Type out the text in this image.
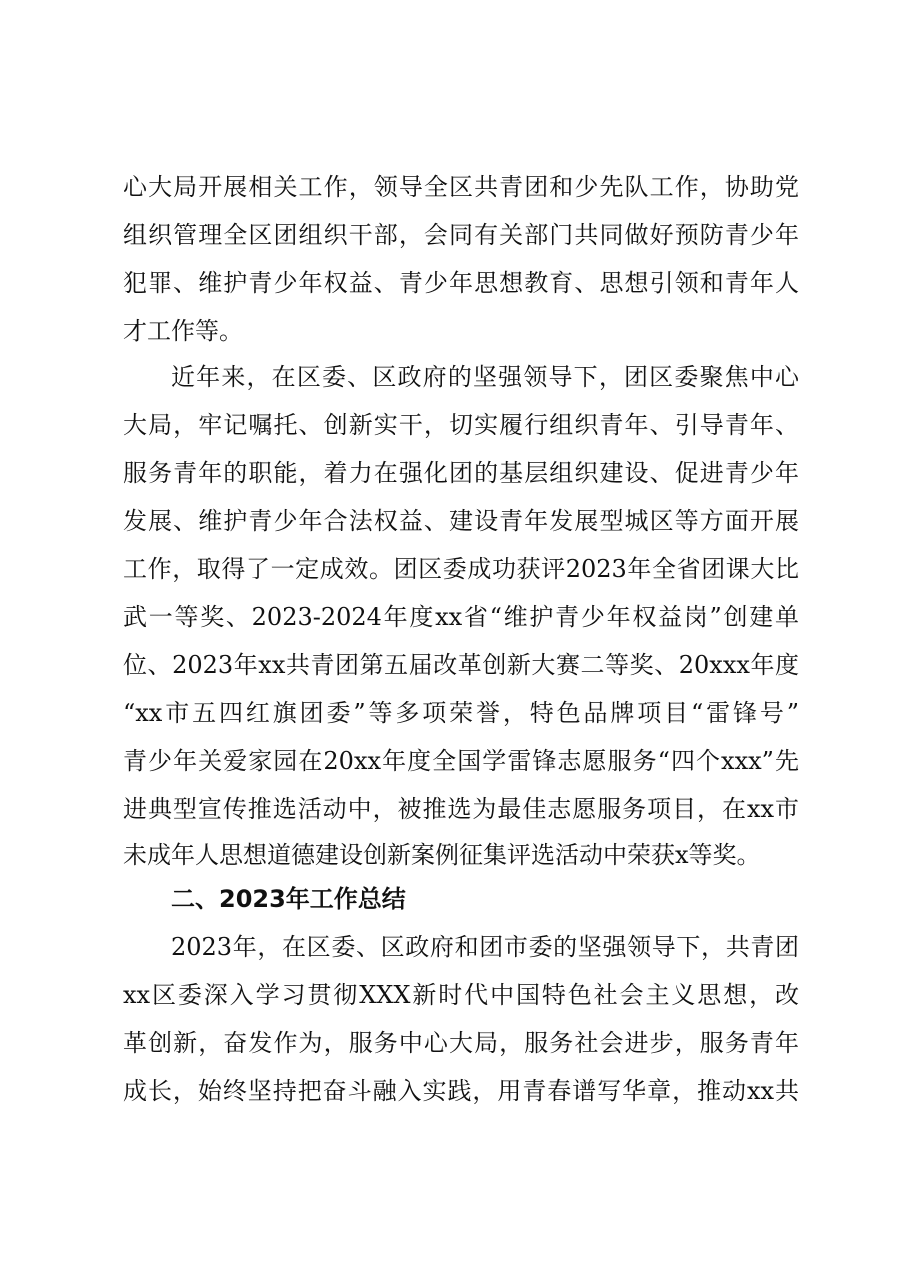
心大局开展相关工作，领导全区共青团和少先队工作，协助党
组织管理全区团组织干部，会同有关部门共同做好预防青少年
犯罪、维护青少年权益、青少年思想教育、思想引领和青年人
才工作等。
近年来，在区委、区政府的坚强领导下，团区委聚焦中心
大局，牢记嘱托、创新实干，切实履行组织青年、引导青年、
服务青年的职能，着力在强化团的基层组织建设、促进青少年
发展、维护青少年合法权益、建设青年发展型城区等方面开展
工作，取得了一定成效。团区委成功获评2023年全省团课大比
武一等奖、2023-2024年度xx省“维护青少年权益岗”创建单
位、2023年xx共青团第五届改革创新大赛二等奖、20xxx年度
“xx市五四红旗团委”等多项荣誉，特色品牌项目“雷锋号”
青少年关爱家园在20xx年度全国学雷锋志愿服务“四个xxx”先
进典型宣传推选活动中，被推选为最佳志愿服务项目，在xx市
未成年人思想道德建设创新案例征集评选活动中荣获x等奖。
二、2023年工作总结
2023年，在区委、区政府和团市委的坚强领导下，共青团
xx区委深入学习贯彻XXX新时代中国特色社会主义思想，改
革创新，奋发作为，服务中心大局，服务社会进步，服务青年
成长，始终坚持把奋斗融入实践，用青春谱写华章，推动xx共
